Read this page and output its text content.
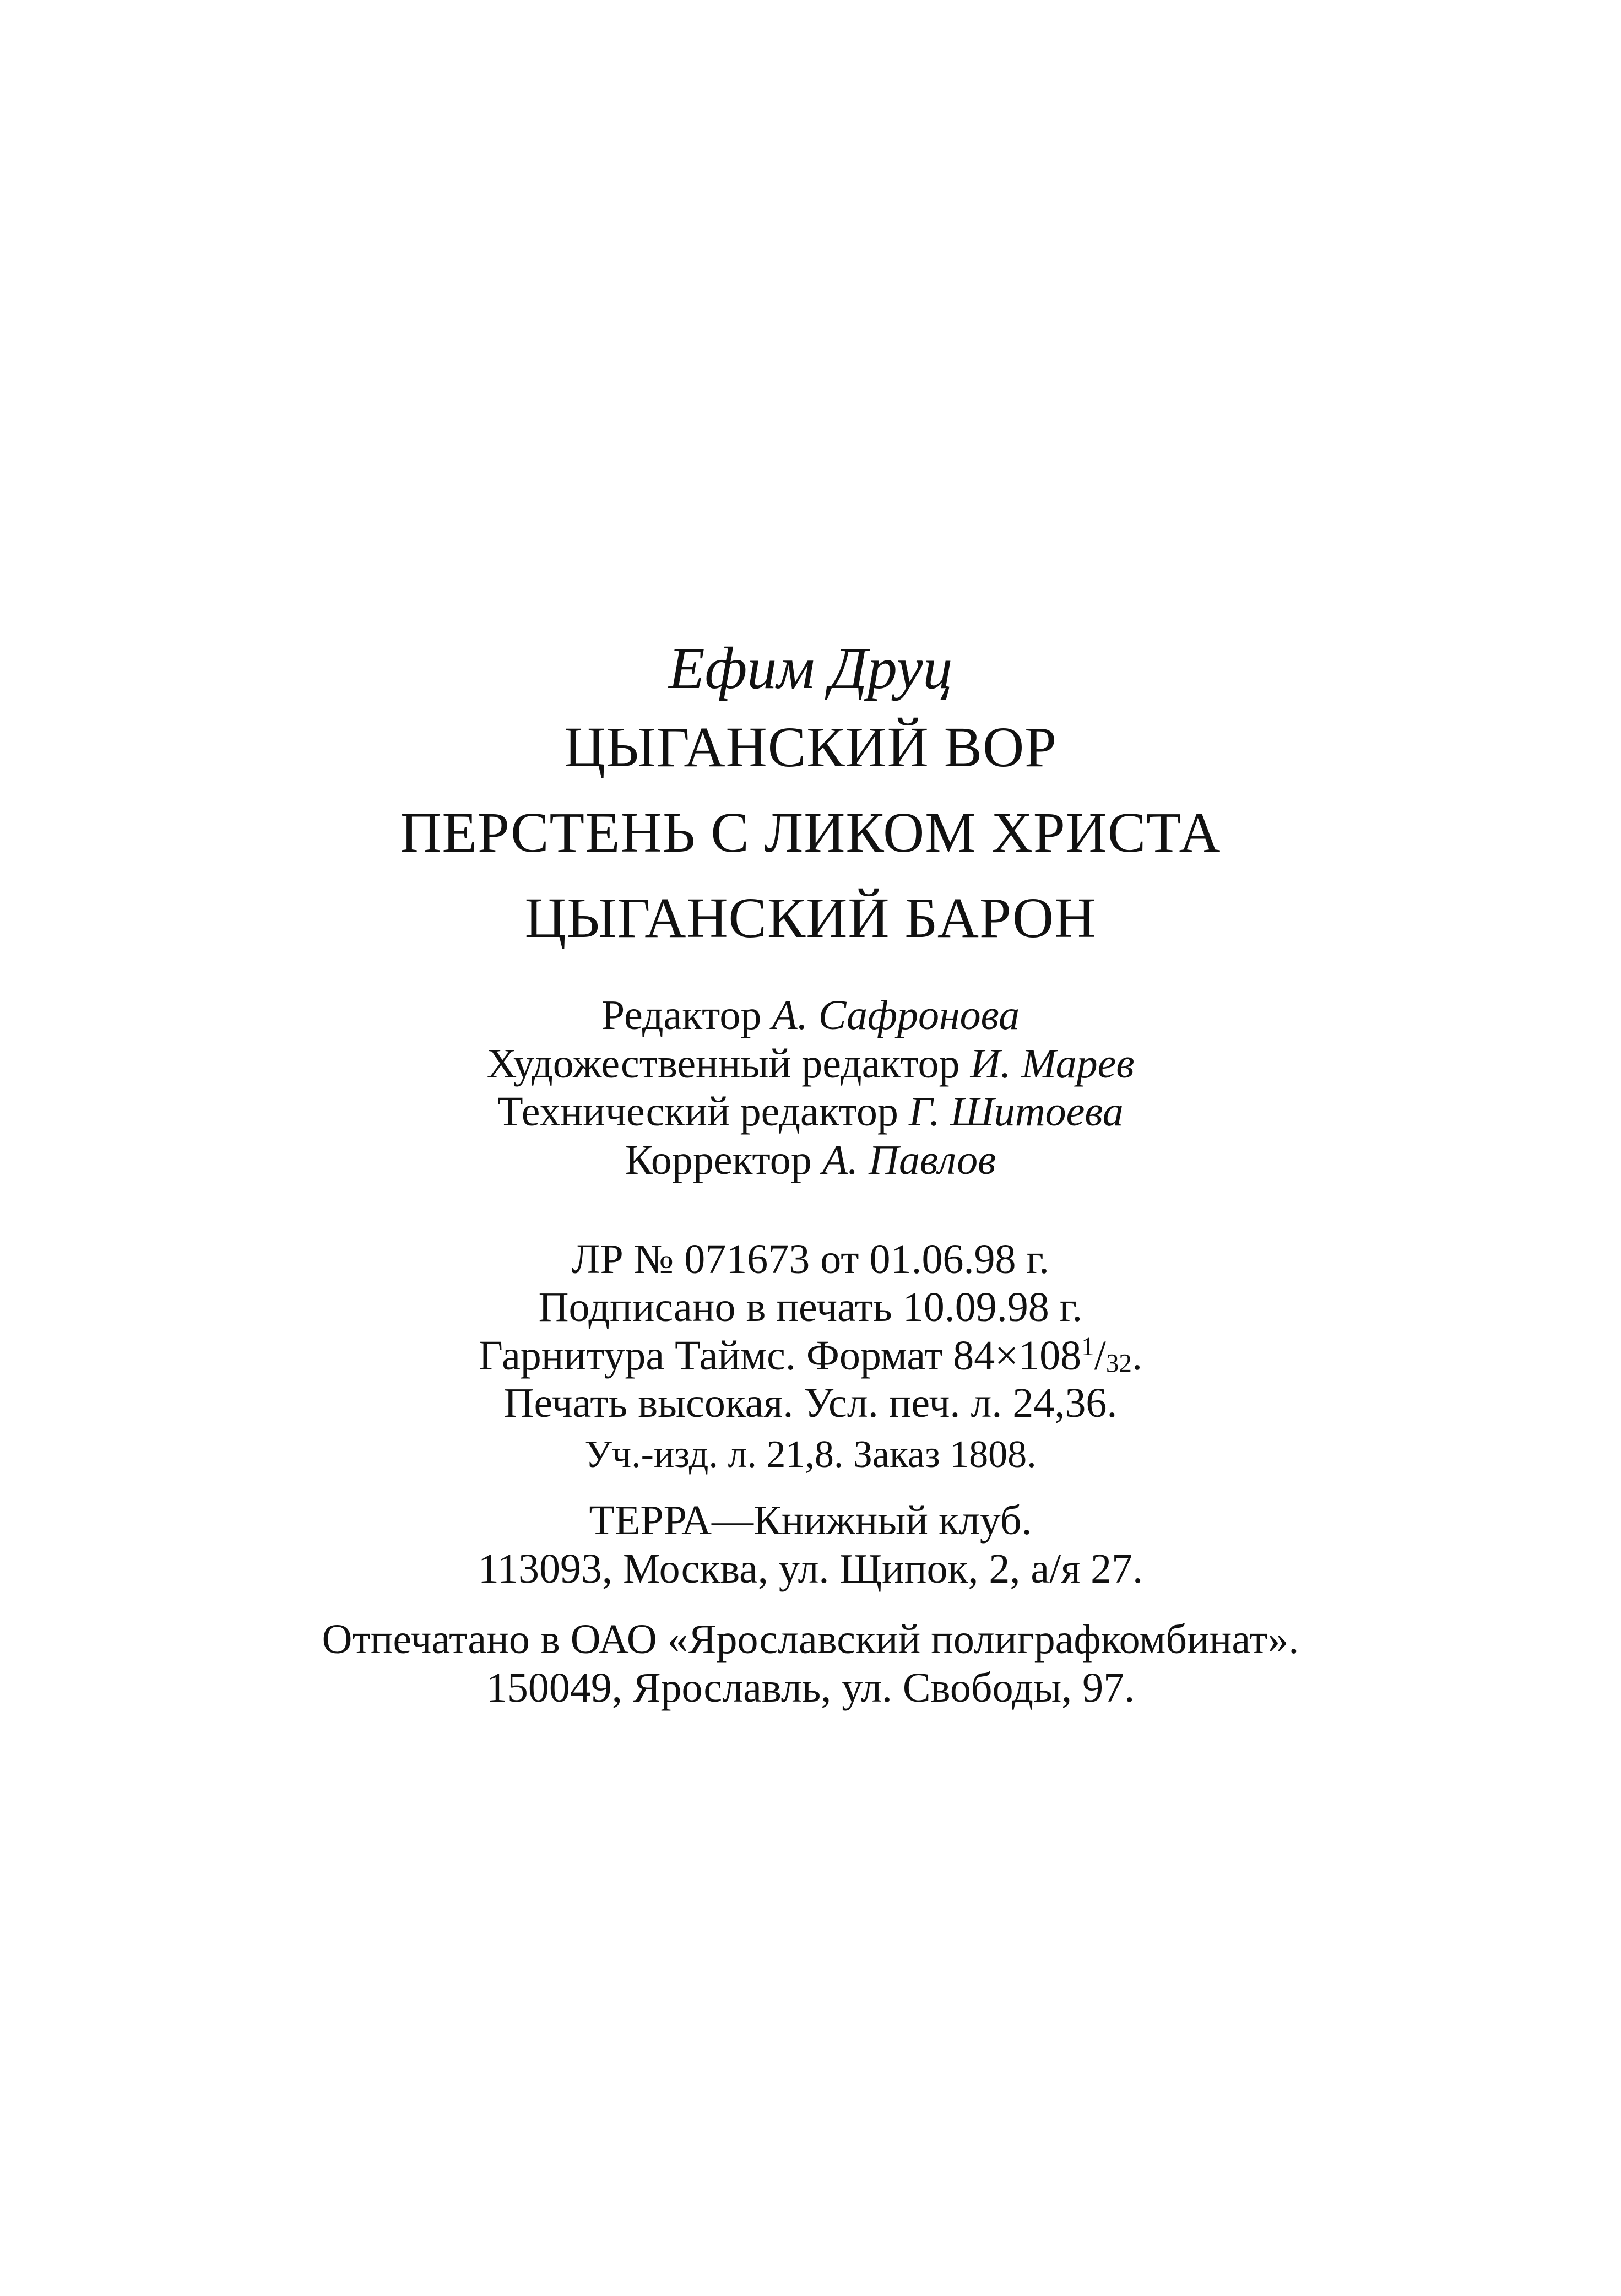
Ефим Друц
ЦЫГАНСКИЙ ВОР
ПЕРСТЕНЬ С ЛИКОМ ХРИСТА
ЦЫГАНСКИЙ БАРОН
Редактор А. Сафронова
Художественный редактор И. Марев
Технический редактор Г. Шитоева
Корректор А. Павлов
ЛР № 071673 от 01.06.98 г.
Подписано в печать 10.09.98 г.
Гарнитура Таймс. Формат $84\times 108^1/_{32}$.
Печать высокая. Усл. печ. л. 24,36.
Уч.-изд. л. 21,8. Заказ 1808.
ТЕРРА—Книжный клуб.
113093, Москва, ул. Щипок, 2, а/я 27.
Отпечатано в ОАО «Ярославский полиграфкомбинат».
150049, Ярославль, ул. Свободы, 97.
